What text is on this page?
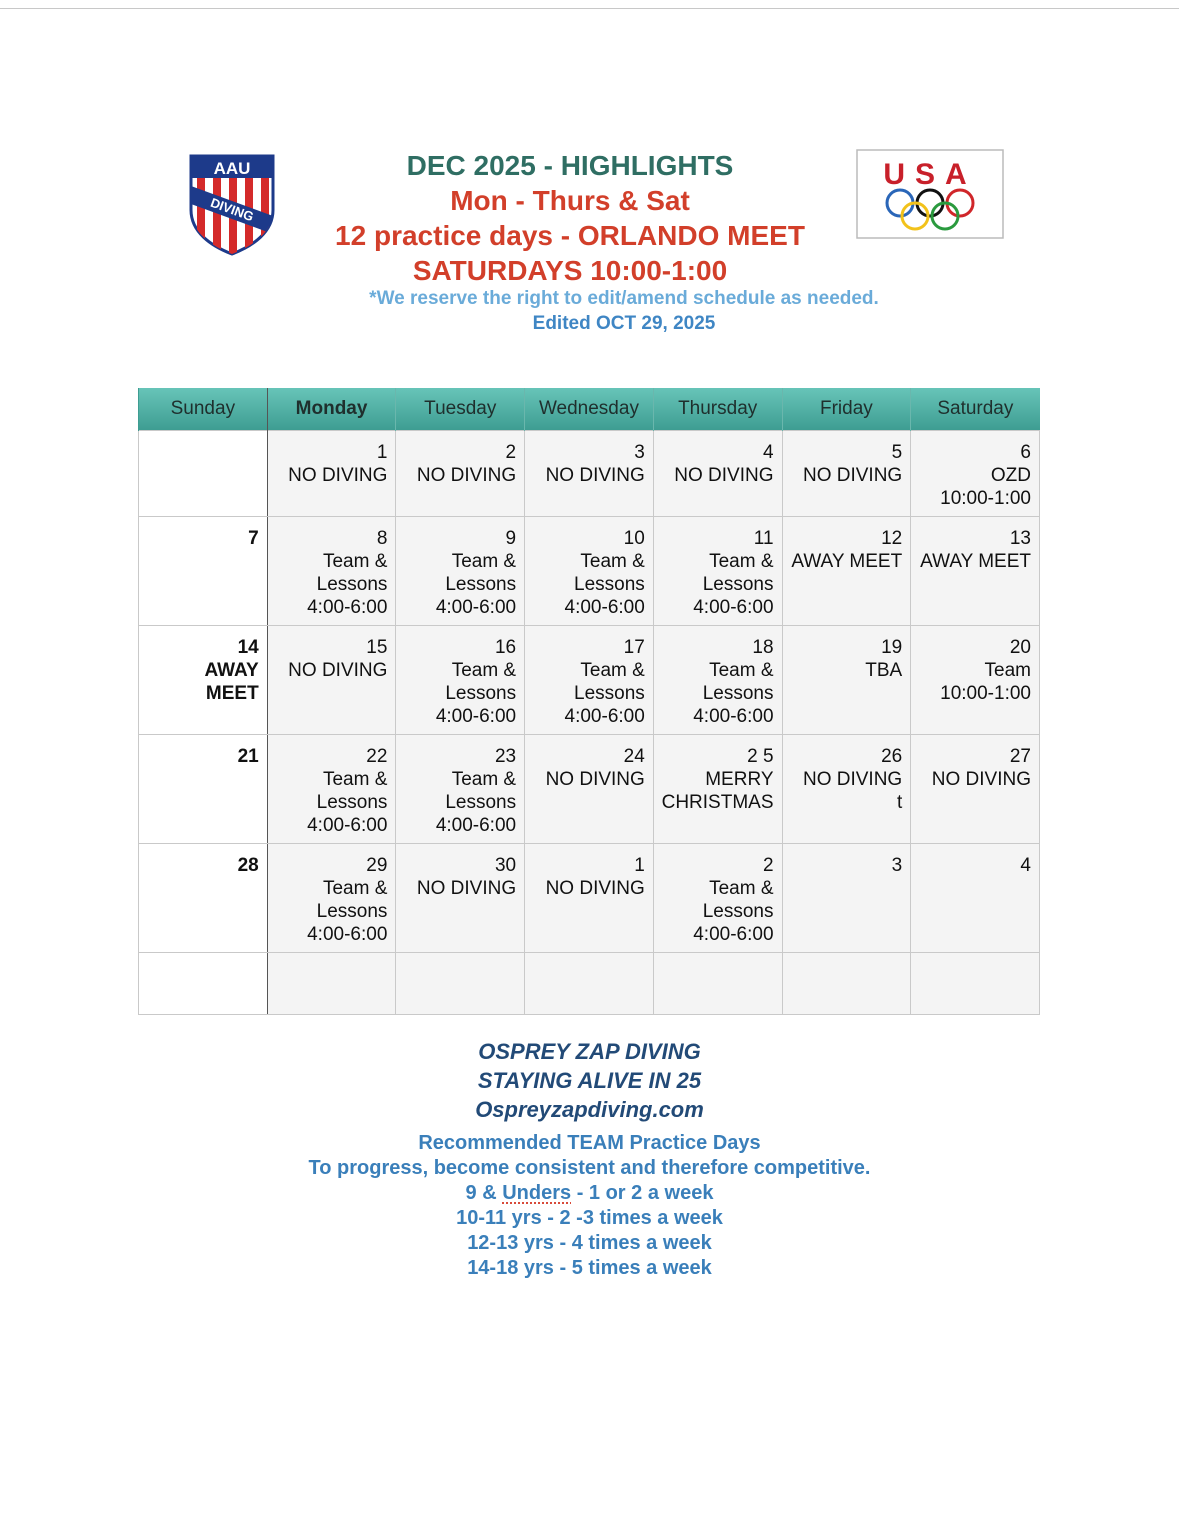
AAU
DIVING
USA
DEC 2025 - HIGHLIGHTS
Mon - Thurs & Sat
12 practice days - ORLANDO MEET
SATURDAYS 10:00-1:00
*We reserve the right to edit/amend schedule as needed.
Edited OCT 29, 2025
Sunday	Monday	Tuesday	Wednesday	Thursday	Friday	Saturday

	1
NO DIVING	2
NO DIVING	3
NO DIVING	4
NO DIVING	5
NO DIVING	6
OZD
10:00-1:00

7	8
Team &
Lessons
4:00-6:00	9
Team &
Lessons
4:00-6:00	10
Team &
Lessons
4:00-6:00	11
Team &
Lessons
4:00-6:00	12
AWAY MEET	13
AWAY MEET

14
AWAY
MEET	15
NO DIVING	16
Team &
Lessons
4:00-6:00	17
Team &
Lessons
4:00-6:00	18
Team &
Lessons
4:00-6:00	19
TBA	20
Team
10:00-1:00

21	22
Team &
Lessons
4:00-6:00	23
Team &
Lessons
4:00-6:00	24
NO DIVING	2 5
MERRY
CHRISTMAS	26
NO DIVING
t	27
NO DIVING

28	29
Team &
Lessons
4:00-6:00	30
NO DIVING	1
NO DIVING	2
Team &
Lessons
4:00-6:00	3	4

OSPREY ZAP DIVING
STAYING ALIVE IN 25
Ospreyzapdiving.com
Recommended TEAM Practice Days
To progress, become consistent and therefore competitive.
9 & Unders - 1 or 2 a week
10-11 yrs - 2 -3 times a week
12-13 yrs - 4 times a week
14-18 yrs - 5 times a week
